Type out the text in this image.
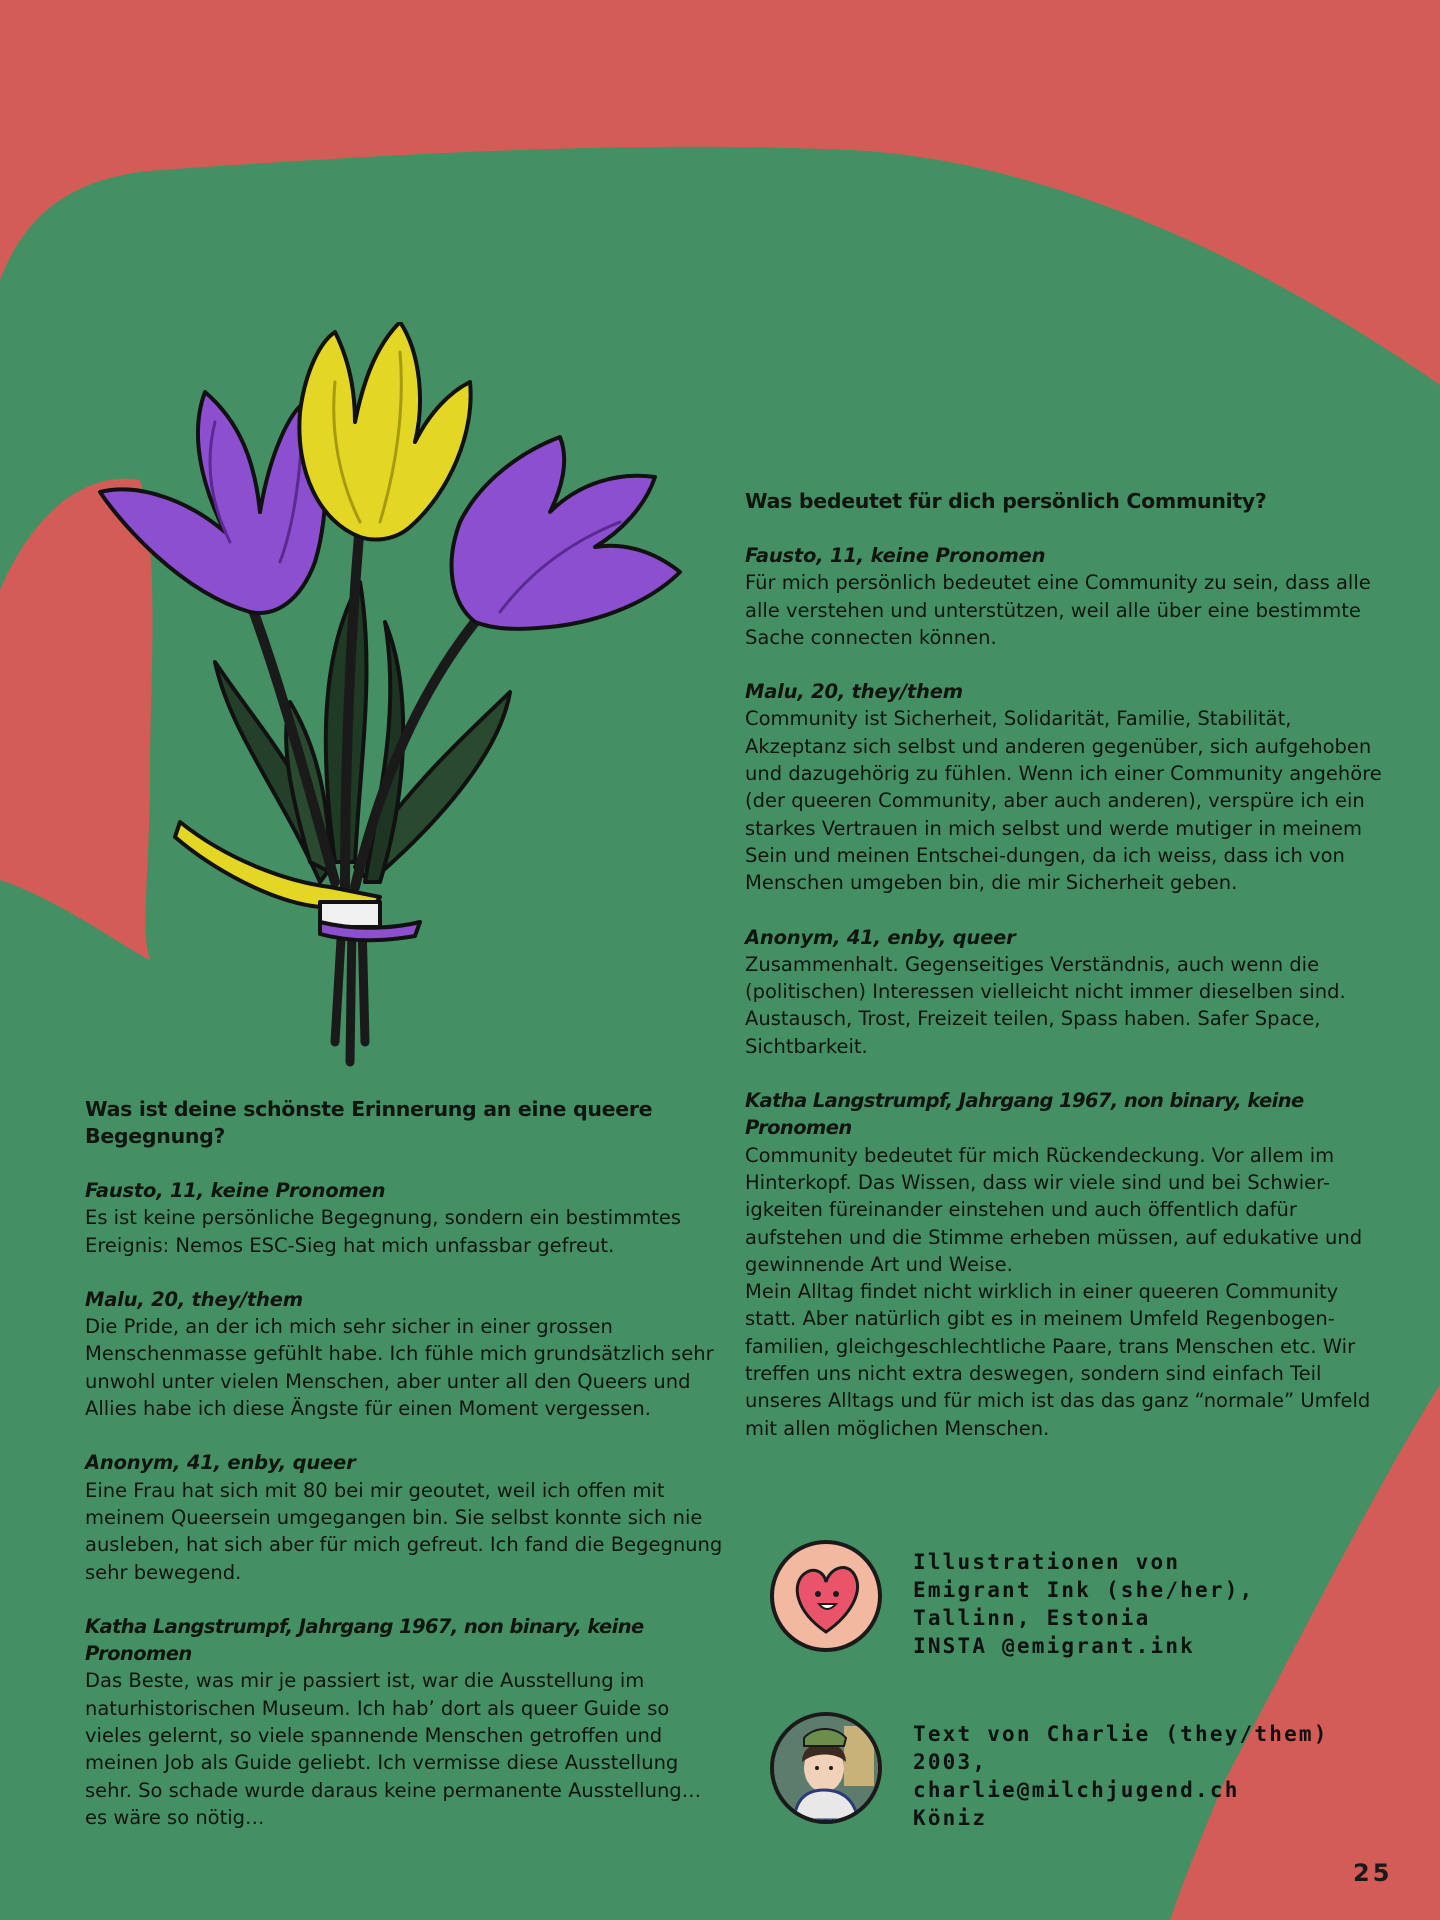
Was bedeutet für dich persönlich Community?
Fausto, 11, keine Pronomen

Für mich persönlich bedeutet eine Community zu sein, dass alle alle verstehen und unterstützen, weil alle über eine bestimmte Sache connecten können.

Malu, 20, they/them

Community ist Sicherheit, Solidarität, Familie, Stabilität, Akzeptanz sich selbst und anderen gegenüber, sich aufgehoben und dazugehörig zu fühlen. Wenn ich einer Community angehöre (der queeren Community, aber auch anderen), verspüre ich ein starkes Vertrauen in mich selbst und werde mutiger in meinem Sein und meinen Entschei-dungen, da ich weiss, dass ich von Menschen umgeben bin, die mir Sicherheit geben.

Anonym, 41, enby, queer

Zusammenhalt. Gegenseitiges Verständnis, auch wenn die (politischen) Interessen vielleicht nicht immer dieselben sind. Austausch, Trost, Freizeit teilen, Spass haben. Safer Space, Sichtbarkeit.

Katha Langstrumpf, Jahrgang 1967, non binary, keine Pronomen

Community bedeutet für mich Rückendeckung. Vor allem im Hinterkopf. Das Wissen, dass wir viele sind und bei Schwier-igkeiten füreinander einstehen und auch öffentlich dafür aufstehen und die Stimme erheben müssen, auf edukative und gewinnende Art und Weise.

Mein Alltag findet nicht wirklich in einer queeren Community statt. Aber natürlich gibt es in meinem Umfeld Regenbogen-familien, gleichgeschlechtliche Paare, trans Menschen etc. Wir treffen uns nicht extra deswegen, sondern sind einfach Teil unseres Alltags und für mich ist das das ganz “normale” Umfeld mit allen möglichen Menschen.

Was ist deine schönste Erinnerung an eine queere Begegnung?
Fausto, 11, keine Pronomen

Es ist keine persönliche Begegnung, sondern ein bestimmtes Ereignis: Nemos ESC-Sieg hat mich unfassbar gefreut.

Malu, 20, they/them

Die Pride, an der ich mich sehr sicher in einer grossen Menschenmasse gefühlt habe. Ich fühle mich grundsätzlich sehr unwohl unter vielen Menschen, aber unter all den Queers und Allies habe ich diese Ängste für einen Moment vergessen.

Anonym, 41, enby, queer

Eine Frau hat sich mit 80 bei mir geoutet, weil ich offen mit meinem Queersein umgegangen bin. Sie selbst konnte sich nie ausleben, hat sich aber für mich gefreut. Ich fand die Begegnung sehr bewegend.

Katha Langstrumpf, Jahrgang 1967, non binary, keine Pronomen

Das Beste, was mir je passiert ist, war die Ausstellung im naturhistorischen Museum. Ich hab’ dort als queer Guide so vieles gelernt, so viele spannende Menschen getroffen und meinen Job als Guide geliebt. Ich vermisse diese Ausstellung sehr. So schade wurde daraus keine permanente Ausstellung… es wäre so nötig…

Illustrationen von
Emigrant Ink (she/her),
Tallinn, Estonia
INSTA @emigrant.ink
Text von Charlie (they/them)
2003,
charlie@milchjugend.ch
Köniz
25
